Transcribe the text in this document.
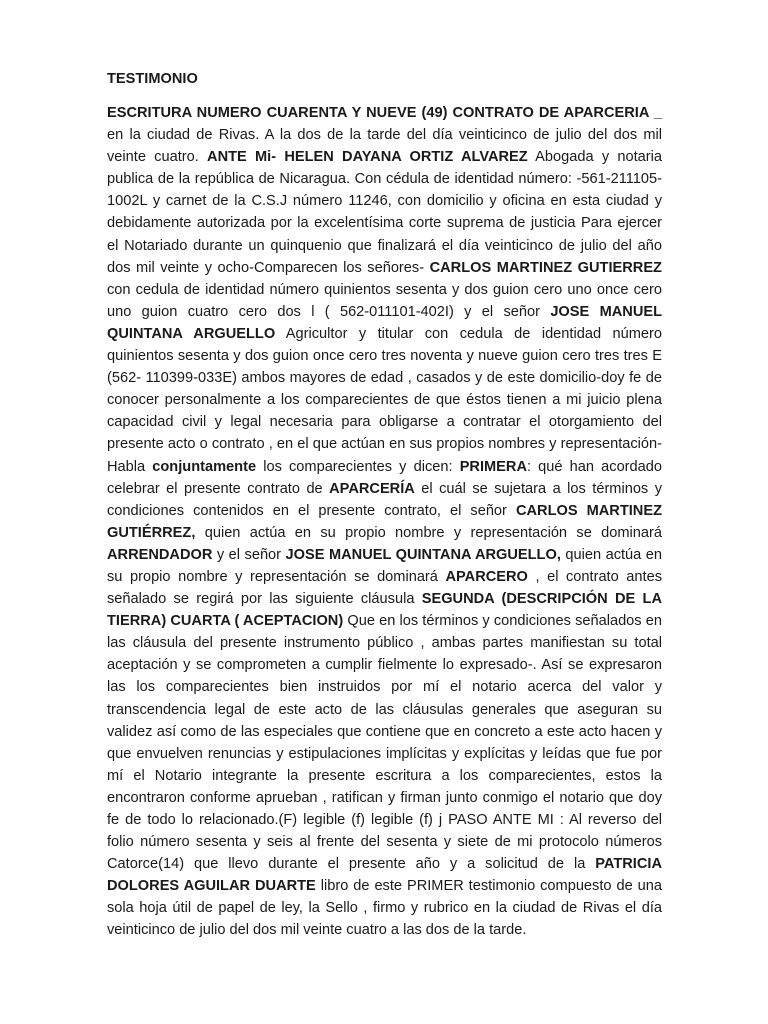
TESTIMONIO

ESCRITURA NUMERO CUARENTA Y NUEVE (49) CONTRATO DE APARCERIA _ en la ciudad de Rivas. A la dos de la tarde del día veinticinco de julio del dos mil veinte cuatro. ANTE Mi- HELEN DAYANA ORTIZ ALVAREZ Abogada y notaria publica de la república de Nicaragua. Con cédula de identidad número: -561-211105-1002L y carnet de la C.S.J número 11246, con domicilio y oficina en esta ciudad y debidamente autorizada por la excelentísima corte suprema de justicia Para ejercer el Notariado durante un quinquenio que finalizará el día veinticinco de julio del año dos mil veinte y ocho-Comparecen los señores- CARLOS MARTINEZ GUTIERREZ con cedula de identidad número quinientos sesenta y dos guion cero uno once cero uno guion cuatro cero dos l ( 562-011101-402I) y el señor JOSE MANUEL QUINTANA ARGUELLO Agricultor y titular con cedula de identidad número quinientos sesenta y dos guion once cero tres noventa y nueve guion cero tres tres E (562- 110399-033E) ambos mayores de edad , casados y de este domicilio-doy fe de conocer personalmente a los comparecientes de que éstos tienen a mi juicio plena capacidad civil y legal necesaria para obligarse a contratar el otorgamiento del presente acto o contrato , en el que actúan en sus propios nombres y representación-Habla conjuntamente los comparecientes y dicen: PRIMERA: qué han acordado celebrar el presente contrato de APARCERÍA el cuál se sujetara a los términos y condiciones contenidos en el presente contrato, el señor CARLOS MARTINEZ GUTIÉRREZ, quien actúa en su propio nombre y representación se dominará ARRENDADOR y el señor JOSE MANUEL QUINTANA ARGUELLO, quien actúa en su propio nombre y representación se dominará APARCERO , el contrato antes señalado se regirá por las siguiente cláusula SEGUNDA (DESCRIPCIÓN DE LA TIERRA) CUARTA ( ACEPTACION) Que en los términos y condiciones señalados en las cláusula del presente instrumento público , ambas partes manifiestan su total aceptación y se comprometen a cumplir fielmente lo expresado-. Así se expresaron las los comparecientes bien instruidos por mí el notario acerca del valor y transcendencia legal de este acto de las cláusulas generales que aseguran su validez así como de las especiales que contiene que en concreto a este acto hacen y que envuelven renuncias y estipulaciones implícitas y explícitas y leídas que fue por mí el Notario integrante la presente escritura a los comparecientes, estos la encontraron conforme aprueban , ratifican y firman junto conmigo el notario que doy fe de todo lo relacionado.(F) legible (f) legible (f) j PASO ANTE MI : Al reverso del folio número sesenta y seis al frente del sesenta y siete de mi protocolo números Catorce(14) que llevo durante el presente año y a solicitud de la PATRICIA DOLORES AGUILAR DUARTE libro de este PRIMER testimonio compuesto de una sola hoja útil de papel de ley, la Sello , firmo y rubrico en la ciudad de Rivas el día veinticinco de julio del dos mil veinte cuatro a las dos de la tarde.
